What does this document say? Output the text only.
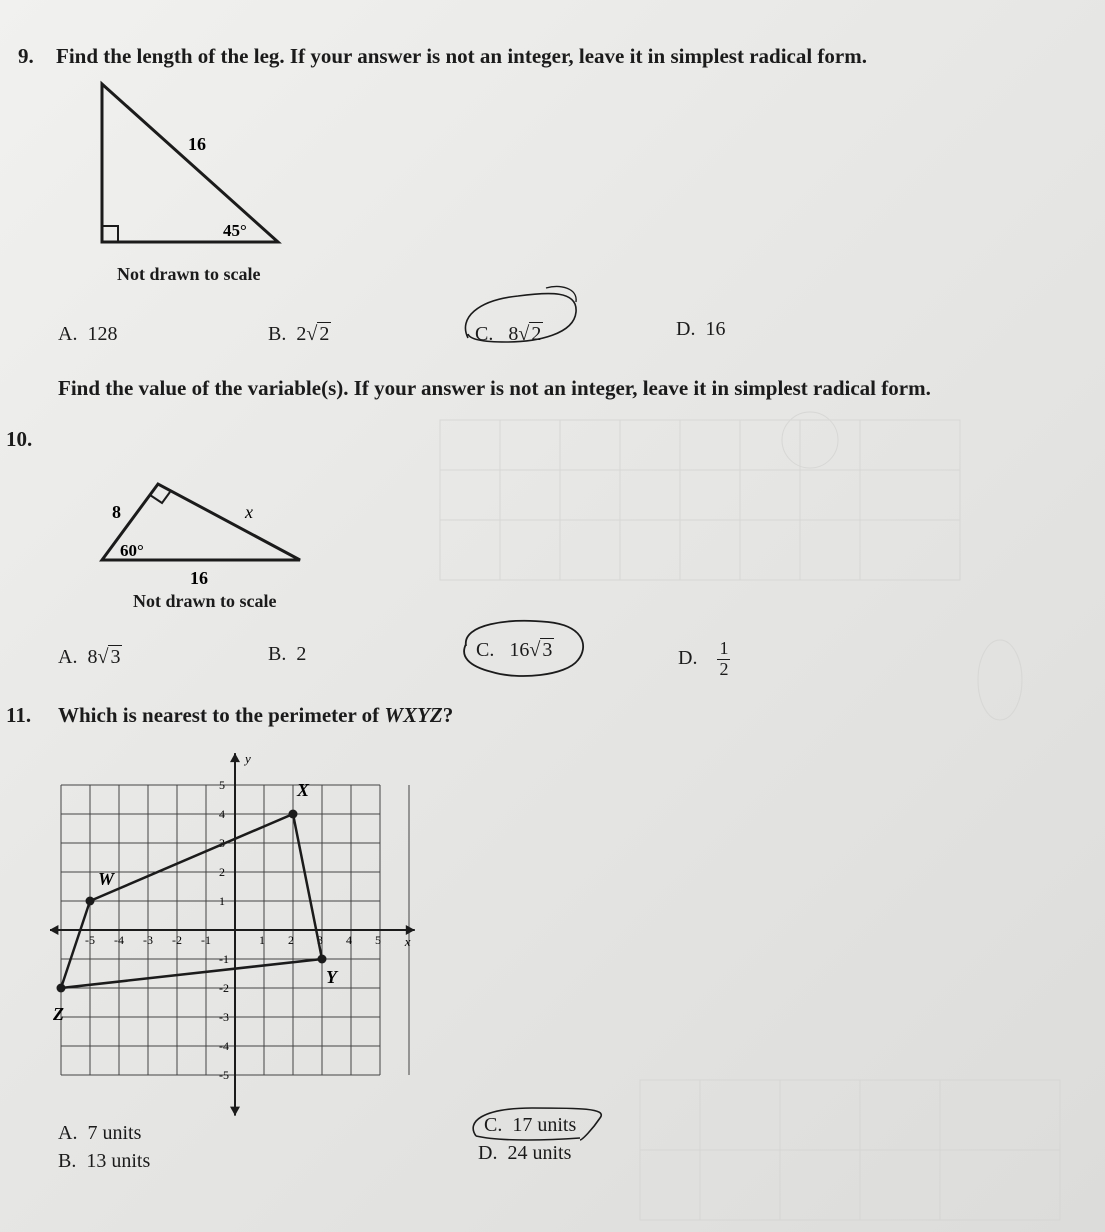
9. Find the length of the leg. If your answer is not an integer, leave it in simplest radical form.
16
45°
Not drawn to scale
A. 128	B. 2√ 2	C. 8√ 2	D. 16
Find the value of the variable(s). If your answer is not an integer, leave it in simplest radical form.
10.
8	x
60°
16
Not drawn to scale
A. 8√ 3	B. 2	C. 16√ 3	D. $\frac{1}{2}$
11. Which is nearest to the perimeter of WXYZ?
-5 -4 -3 -2 -1	1 2 3 4 5
5
4
3
2
1
-1
-2
-3
-4
-5
x
y
W
X
Y
Z
A. 7 units
B. 13 units
C. 17 units
D. 24 units
